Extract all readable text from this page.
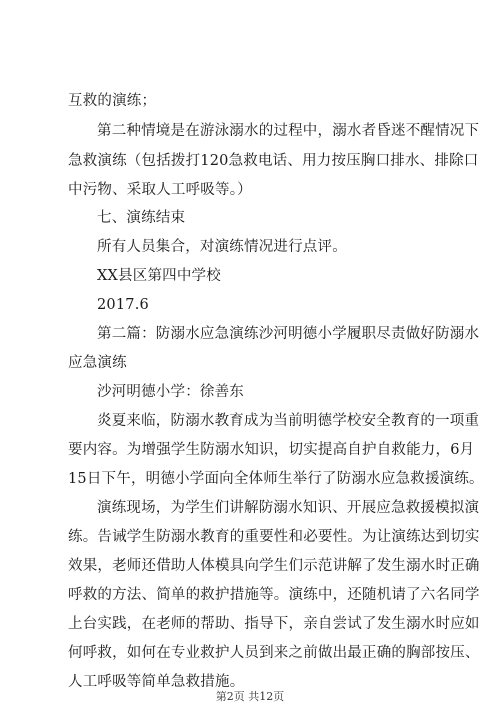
互救的演练；
第二种情境是在游泳溺水的过程中，溺水者昏迷不醒情况下
急救演练（包括拨打120急救电话、用力按压胸口排水、排除口
中污物、采取人工呼吸等。）
七、演练结束
所有人员集合，对演练情况进行点评。
XX县区第四中学校
2017.6
第二篇：防溺水应急演练沙河明德小学履职尽责做好防溺水
应急演练
沙河明德小学：徐善东
炎夏来临，防溺水教育成为当前明德学校安全教育的一项重
要内容。为增强学生防溺水知识，切实提高自护自救能力，6月
15日下午，明德小学面向全体师生举行了防溺水应急救援演练。
演练现场，为学生们讲解防溺水知识、开展应急救援模拟演
练。告诫学生防溺水教育的重要性和必要性。为让演练达到切实
效果，老师还借助人体模具向学生们示范讲解了发生溺水时正确
呼救的方法、简单的救护措施等。演练中，还随机请了六名同学
上台实践，在老师的帮助、指导下，亲自尝试了发生溺水时应如
何呼救，如何在专业救护人员到来之前做出最正确的胸部按压、
人工呼吸等简单急救措施。
第2页 共12页
